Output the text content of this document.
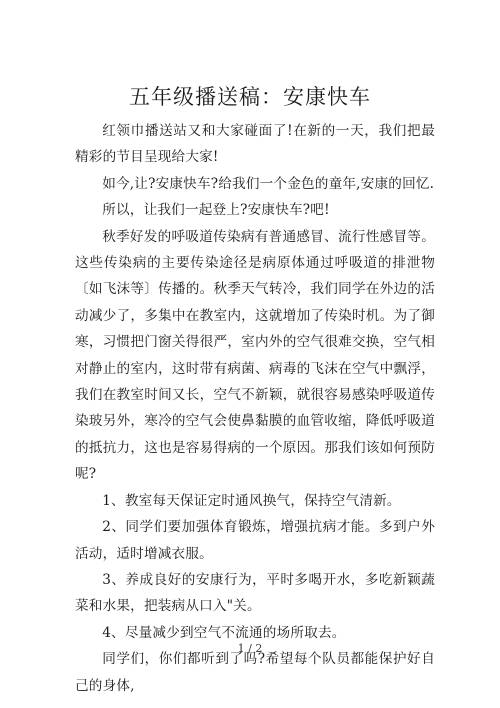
五年级播送稿：安康快车

红领巾播送站又和大家碰面了!在新的一天，我们把最精彩的节目呈现给大家!

如今,让?安康快车?给我们一个金色的童年,安康的回忆.

所以，让我们一起登上?安康快车?吧!

秋季好发的呼吸道传染病有普通感冒、流行性感冒等。这些传染病的主要传染途径是病原体通过呼吸道的排泄物〔如飞沫等〕传播的。秋季天气转冷，我们同学在外边的活动减少了，多集中在教室内，这就增加了传染时机。为了御寒，习惯把门窗关得很严，室内外的空气很难交换，空气相对静止的室内，这时带有病菌、病毒的飞沫在空气中飘浮，我们在教室时间又长，空气不新颖，就很容易感染呼吸道传染玻另外，寒冷的空气会使鼻黏膜的血管收缩，降低呼吸道的抵抗力，这也是容易得病的一个原因。那我们该如何预防呢?

1、教室每天保证定时通风换气，保持空气清新。

2、同学们要加强体育锻炼，增强抗病才能。多到户外活动，适时增减衣服。

3、养成良好的安康行为，平时多喝开水，多吃新颖蔬菜和水果，把装病从口入"关。

4、尽量减少到空气不流通的场所取去。

同学们，你们都听到了吗?希望每个队员都能保护好自己的身体,

1 / 2
